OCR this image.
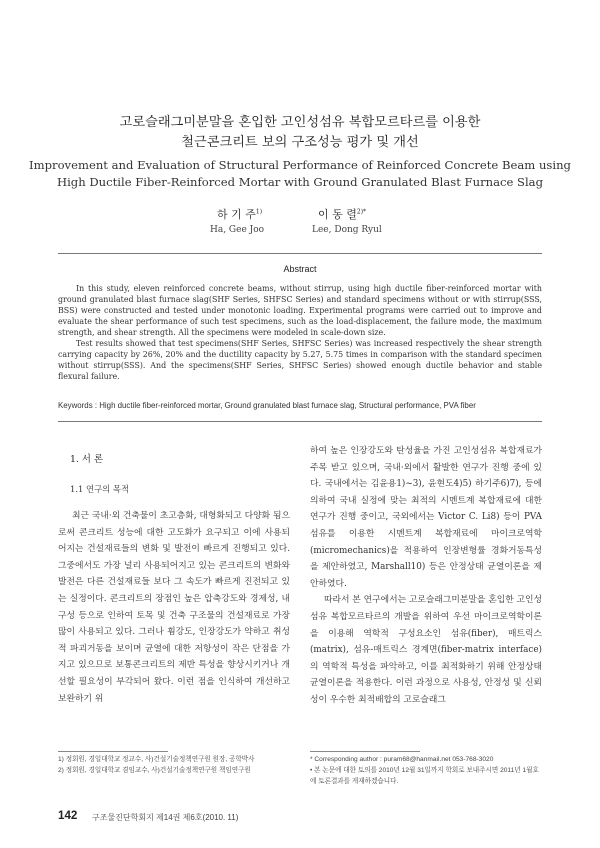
고로슬래그미분말을 혼입한 고인성섬유 복합모르타르를 이용한
철근콘크리트 보의 구조성능 평가 및 개선
Improvement and Evaluation of Structural Performance of Reinforced Concrete Beam using
High Ductile Fiber-Reinforced Mortar with Ground Granulated Blast Furnace Slag
하 기 주$^{1)}$	이 동 렬$^{2)*}$
Ha, Gee Joo	Lee, Dong Ryul
Abstract

In this study, eleven reinforced concrete beams, without stirrup, using high ductile fiber-reinforced mortar with ground granulated blast furnace slag(SHF Series, SHFSC Series) and standard specimens without or with stirrup(SSS, BSS) were constructed and tested under monotonic loading. Experimental programs were carried out to improve and evaluate the shear performance of such test specimens, such as the load-displacement, the failure mode, the maximum strength, and shear strength. All the specimens were modeled in scale-down size.

Test results showed that test specimens(SHF Series, SHFSC Series) was increased respectively the shear strength carrying capacity by 26%, 20% and the ductility capacity by 5.27, 5.75 times in comparison with the standard specimen without stirrup(SSS). And the specimens(SHF Series, SHFSC Series) showed enough ductile behavior and stable flexural failure.

Keywords : High ductile fiber-reinforced mortar, Ground granulated blast furnace slag, Structural performance, PVA fiber
1. 서 론
1.1 연구의 목적

최근 국내·외 건축물이 초고층화, 대형화되고 다양화 됨으로써 콘크리트 성능에 대한 고도화가 요구되고 이에 사용되어지는 건설재료들의 변화 및 발전이 빠르게 진행되고 있다. 그중에서도 가장 널리 사용되어지고 있는 콘크리트의 변화와 발전은 다른 건설재료들 보다 그 속도가 빠르게 진전되고 있는 실정이다. 콘크리트의 장점인 높은 압축강도와 경제성, 내구성 등으로 인하여 토목 및 건축 구조물의 건설재료로 가장 많이 사용되고 있다. 그러나 휨강도, 인장강도가 약하고 취성적 파괴거동을 보이며 균열에 대한 저항성이 작은 단점을 가지고 있으므로 보통콘크리트의 제반 특성을 향상시키거나 개선할 필요성이 부각되어 왔다. 이런 점을 인식하여 개선하고 보완하기 위

하여 높은 인장강도와 탄성율을 가진 고인성섬유 복합재료가 주목 받고 있으며, 국내·외에서 활발한 연구가 진행 중에 있다. 국내에서는 김윤용1)~3), 윤현도4)5) 하기주6)7), 등에 의하여 국내 실정에 맞는 최적의 시멘트계 복합재료에 대한 연구가 진행 중이고, 국외에서는 Victor C. Li8) 등이 PVA섬유를 이용한 시멘트계 복합재료에 마이크로역학(micromechanics)을 적용하여 인장변형률 경화거동특성을 제안하였고, Marshall10) 등은 안정상태 균열이론을 제안하였다.

따라서 본 연구에서는 고로슬래그미분말을 혼입한 고인성섬유 복합모르타르의 개발을 위하여 우선 마이크로역학이론을 이용해 역학적 구성요소인 섬유(fiber), 매트릭스(matrix), 섬유-매트릭스 경계면(fiber-matrix interface)의 역학적 특성을 파악하고, 이를 최적화하기 위해 안정상태 균열이론을 적용한다. 이런 과정으로 사용성, 안정성 및 신뢰성이 우수한 최적배합의 고로슬래그

1) 정회원, 경일대학교 정교수, 사)건설기술정책연구원 원장, 공학박사
2) 정회원, 경일대학교 겸임교수, 사)건설기술정책연구원 책임연구원
* Corresponding author : puram68@hanmail.net 053-768-3020
• 본 논문에 대한 토의를 2010년 12월 31일까지 학회로 보내주시면 2011년 1월호에 토론결과를 게재하겠습니다.
142 구조물진단학회지 제14권 제6호(2010. 11)
